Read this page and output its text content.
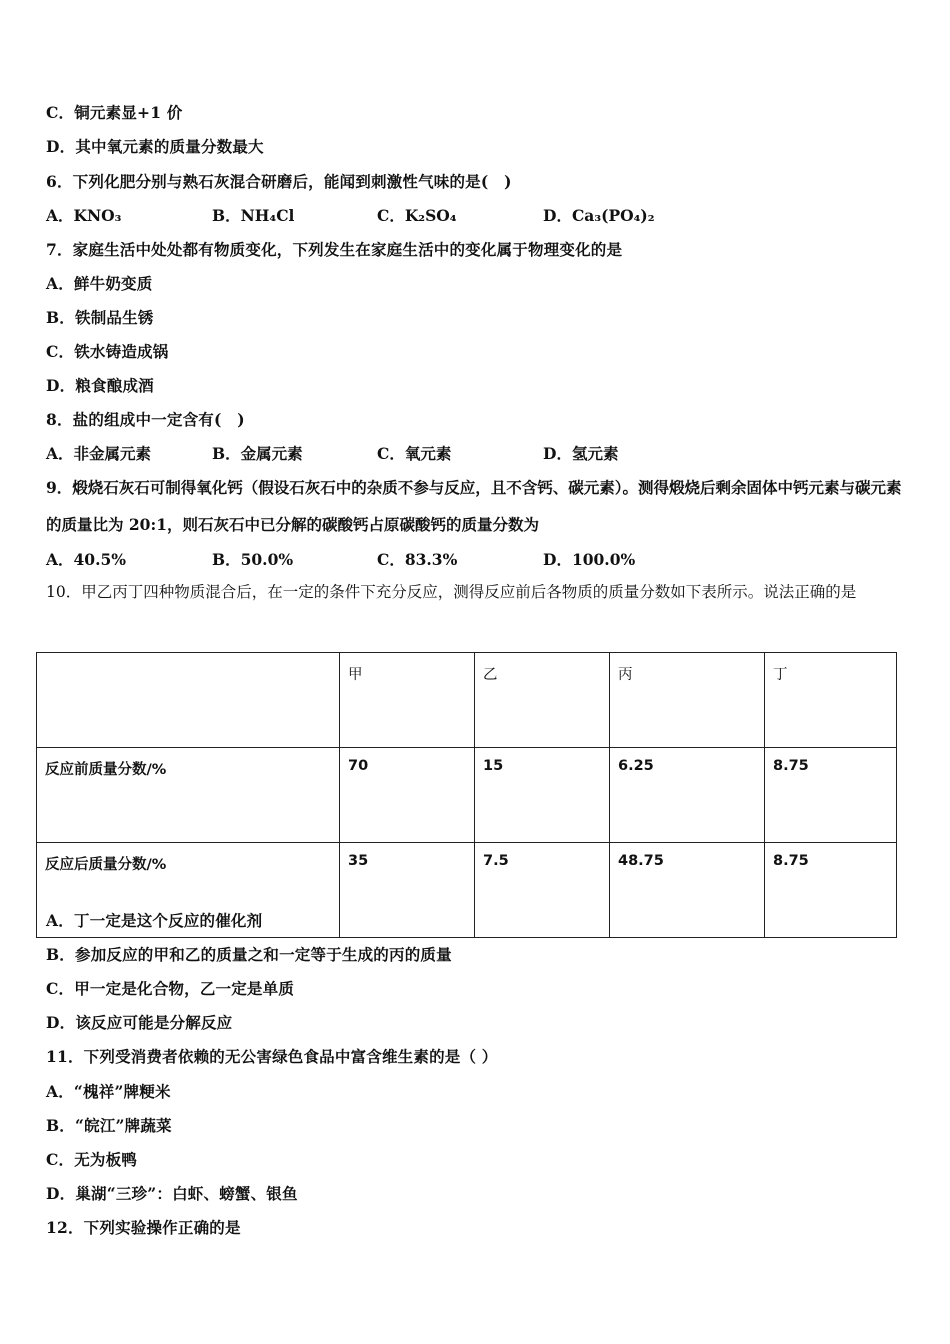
C．铜元素显+1 价
D．其中氧元素的质量分数最大
6．下列化肥分别与熟石灰混合研磨后，能闻到刺激性气味的是(　)
A．KNO₃	B．NH₄Cl	C．K₂SO₄	D．Ca₃(PO₄)₂
7．家庭生活中处处都有物质变化，下列发生在家庭生活中的变化属于物理变化的是
A．鲜牛奶变质
B．铁制品生锈
C．铁水铸造成锅
D．粮食酿成酒
8．盐的组成中一定含有(　)
A．非金属元素	B．金属元素	C．氧元素	D．氢元素
9．煅烧石灰石可制得氧化钙（假设石灰石中的杂质不参与反应，且不含钙、碳元素）。测得煅烧后剩余固体中钙元素与碳元素的质量比为 20:1，则石灰石中已分解的碳酸钙占原碳酸钙的质量分数为
A．40.5%	B．50.0%	C．83.3%	D．100.0%
10．甲乙丙丁四种物质混合后，在一定的条件下充分反应，测得反应前后各物质的质量分数如下表所示。说法正确的是
	甲	乙	丙	丁
反应前质量分数/%	70	15	6.25	8.75
反应后质量分数/%	35	7.5	48.75	8.75
A．丁一定是这个反应的催化剂
B．参加反应的甲和乙的质量之和一定等于生成的丙的质量
C．甲一定是化合物，乙一定是单质
D．该反应可能是分解反应
11．下列受消费者依赖的无公害绿色食品中富含维生素的是（ ）
A．“槐祥”牌粳米
B．“皖江”牌蔬菜
C．无为板鸭
D．巢湖“三珍”：白虾、螃蟹、银鱼
12．下列实验操作正确的是
